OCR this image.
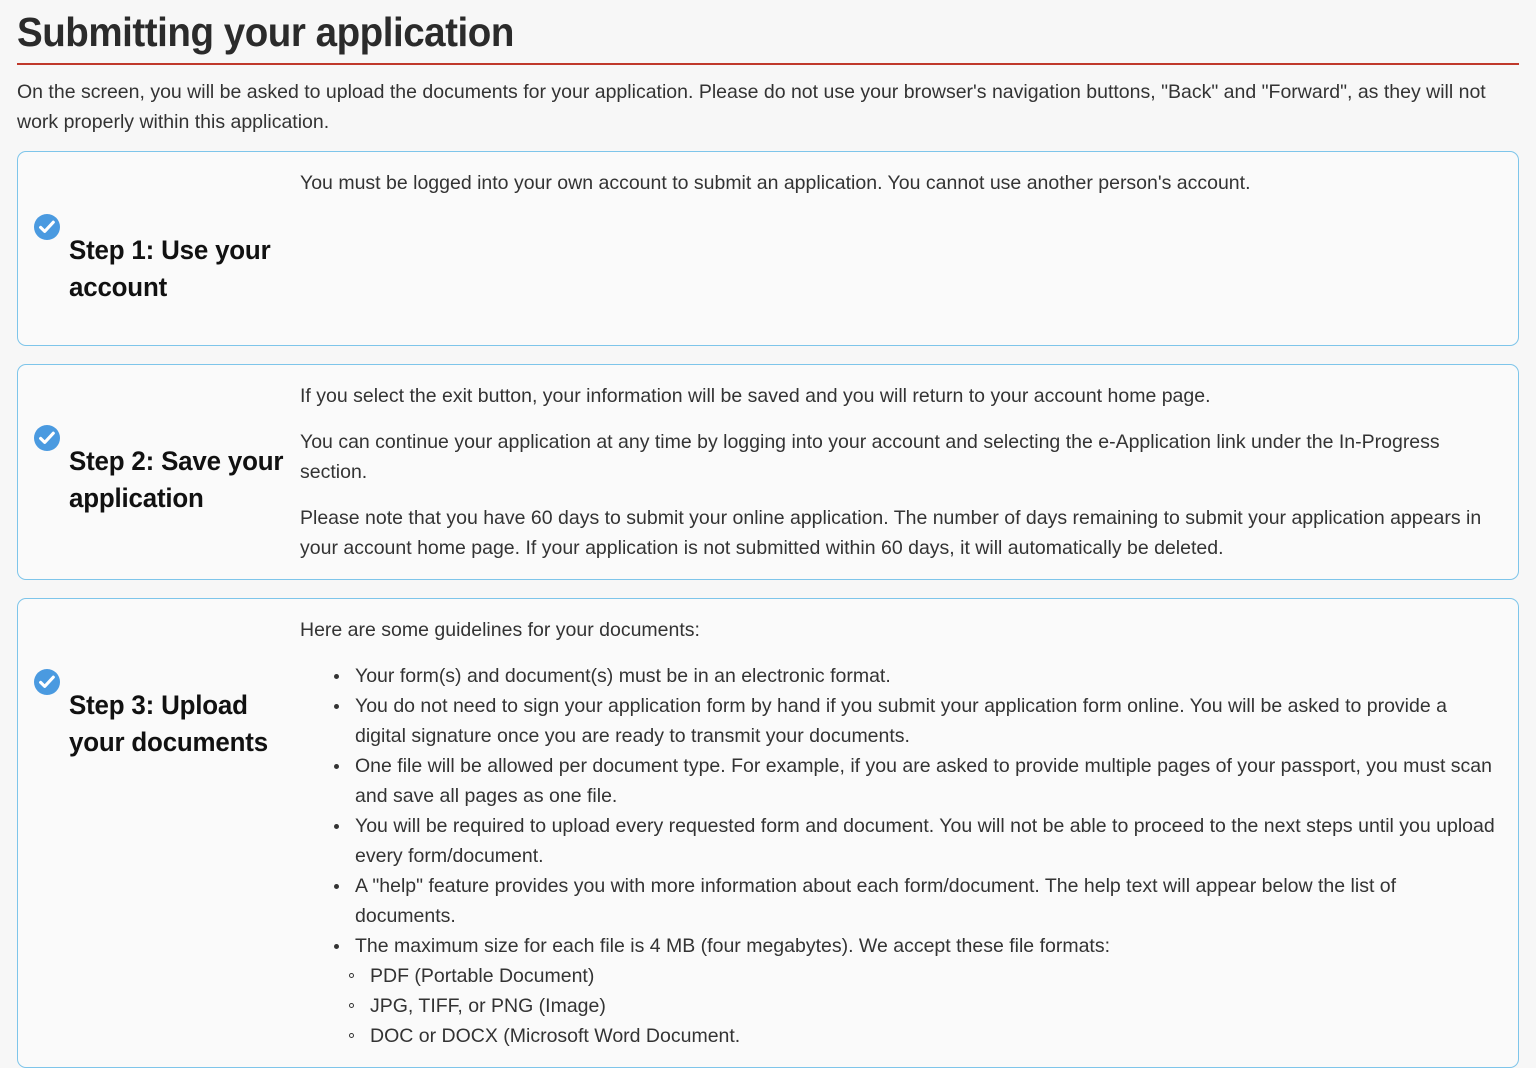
Submitting your application

On the screen, you will be asked to upload the documents for your application. Please do not use your browser's navigation buttons, "Back" and "Forward", as they will not work properly within this application.

Step 1: Use your account

You must be logged into your own account to submit an application. You cannot use another person's account.

Step 2: Save your application

If you select the exit button, your information will be saved and you will return to your account home page.

You can continue your application at any time by logging into your account and selecting the e-Application link under the In-Progress section.

Please note that you have 60 days to submit your online application. The number of days remaining to submit your application appears in your account home page. If your application is not submitted within 60 days, it will automatically be deleted.

Step 3: Upload your documents

Here are some guidelines for your documents:

Your form(s) and document(s) must be in an electronic format.
You do not need to sign your application form by hand if you submit your application form online. You will be asked to provide a digital signature once you are ready to transmit your documents.
One file will be allowed per document type. For example, if you are asked to provide multiple pages of your passport, you must scan and save all pages as one file.
You will be required to upload every requested form and document. You will not be able to proceed to the next steps until you upload every form/document.
A "help" feature provides you with more information about each form/document. The help text will appear below the list of documents.
The maximum size for each file is 4 MB (four megabytes). We accept these file formats:
PDF (Portable Document)
JPG, TIFF, or PNG (Image)
DOC or DOCX (Microsoft Word Document.
